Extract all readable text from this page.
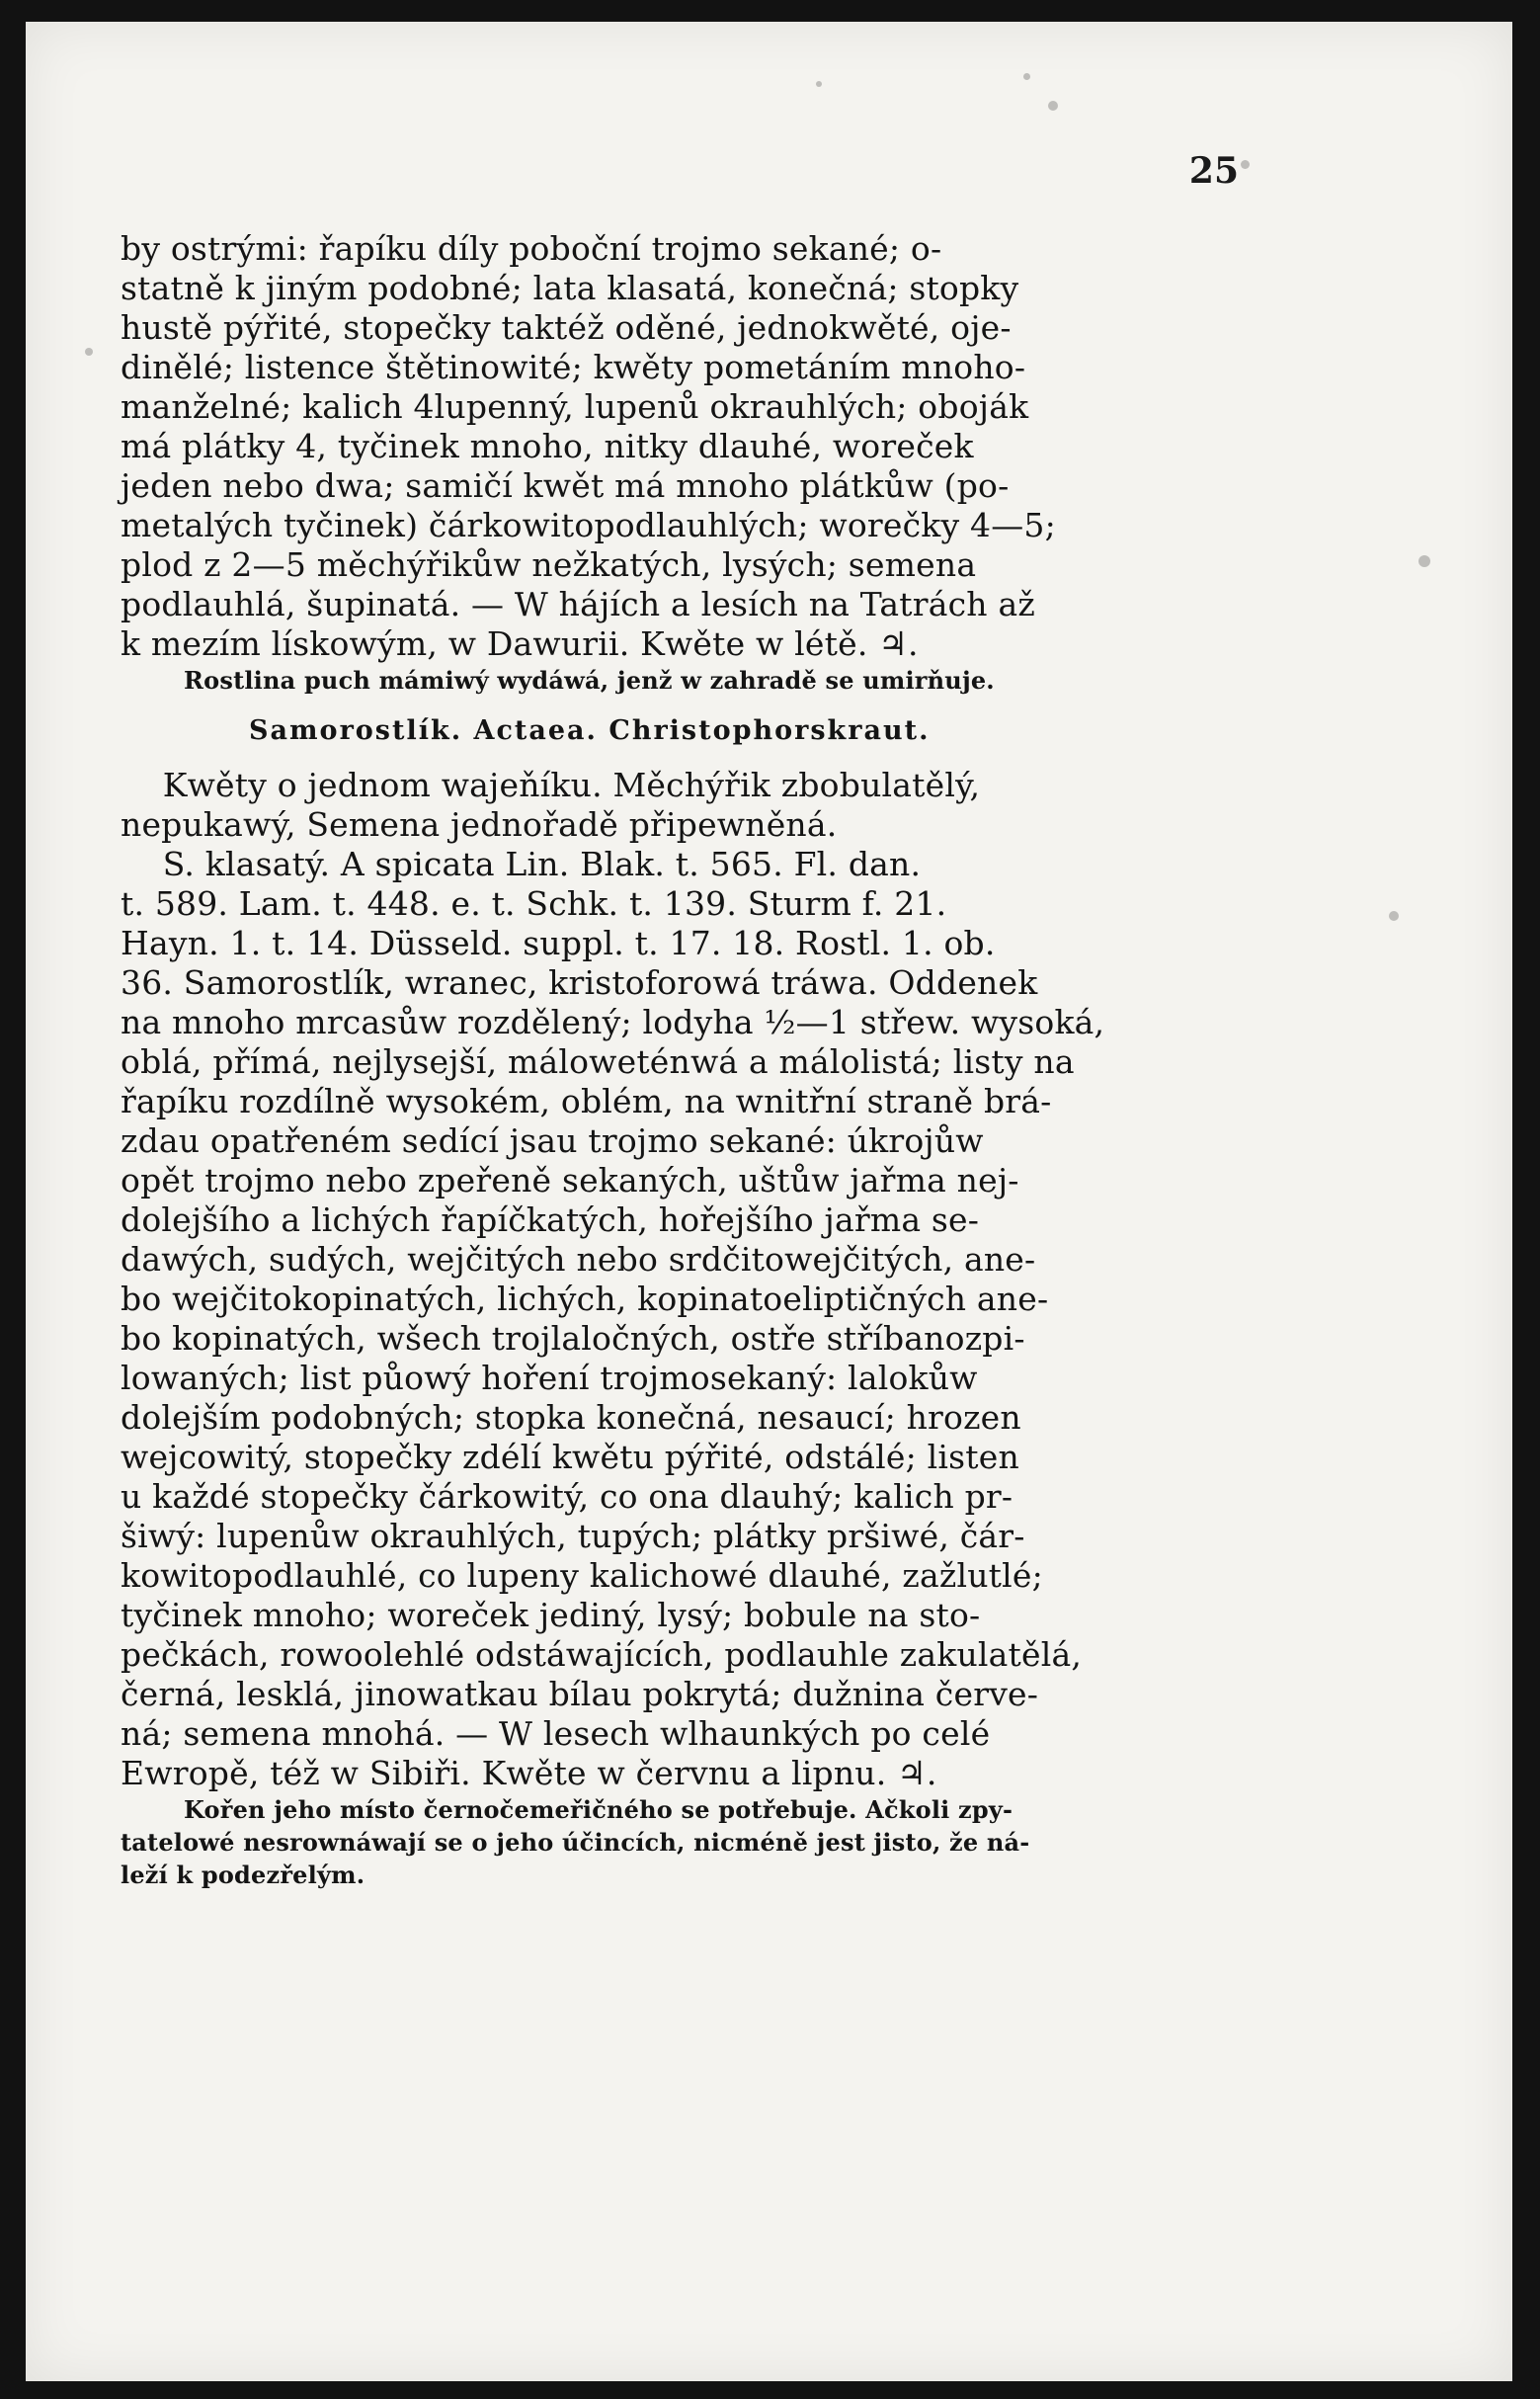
25
by ostrými: řapíku díly poboční trojmo sekané; o-
statně k jiným podobné; lata klasatá, konečná; stopky
hustě pýřité, stopečky taktéž oděné, jednokwěté, oje-
dinělé; listence štětinowité; kwěty pometáním mnoho-
manželné; kalich 4lupenný, lupenů okrauhlých; oboják
má plátky 4, tyčinek mnoho, nitky dlauhé, woreček
jeden nebo dwa; samičí kwět má mnoho plátkůw (po-
metalých tyčinek) čárkowitopodlauhlých; worečky 4—5;
plod z 2—5 měchýřikůw nežkatých, lysých; semena
podlauhlá, šupinatá. — W hájích a lesích na Tatrách až
k mezím lískowým, w Dawurii. Kwěte w létě. ♃.
Rostlina puch mámiwý wydáwá, jenž w zahradě se umirňuje.
Samorostlík. Actaea. Christophorskraut.
Kwěty o jednom wajeňíku. Měchýřik zbobulatělý,
nepukawý, Semena jednořadě připewněná.
S. klasatý. A spicata Lin. Blak. t. 565. Fl. dan.
t. 589. Lam. t. 448. e. t. Schk. t. 139. Sturm f. 21.
Hayn. 1. t. 14. Düsseld. suppl. t. 17. 18. Rostl. 1. ob.
36. Samorostlík, wranec, kristoforowá tráwa. Oddenek
na mnoho mrcasůw rozdělený; lodyha ½—1 střew. wysoká,
oblá, přímá, nejlysejší, máloweténwá a málolistá; listy na
řapíku rozdílně wysokém, oblém, na wnitřní straně brá-
zdau opatřeném sedící jsau trojmo sekané: úkrojůw
opět trojmo nebo zpeřeně sekaných, uštůw jařma nej-
dolejšího a lichých řapíčkatých, hořejšího jařma se-
dawých, sudých, wejčitých nebo srdčitowejčitých, ane-
bo wejčitokopinatých, lichých, kopinatoeliptičných ane-
bo kopinatých, wšech trojlaločných, ostře stříbanozpi-
lowaných; list půowý hoření trojmosekaný: lalokůw
dolejším podobných; stopka konečná, nesaucí; hrozen
wejcowitý, stopečky zdélí kwětu pýřité, odstálé; listen
u každé stopečky čárkowitý, co ona dlauhý; kalich pr-
šiwý: lupenůw okrauhlých, tupých; plátky pršiwé, čár-
kowitopodlauhlé, co lupeny kalichowé dlauhé, zažlutlé;
tyčinek mnoho; woreček jediný, lysý; bobule na sto-
pečkách, rowoolehlé odstáwajících, podlauhle zakulatělá,
černá, lesklá, jinowatkau bílau pokrytá; dužnina červe-
ná; semena mnohá. — W lesech wlhaunkých po celé
Ewropě, též w Sibiři. Kwěte w červnu a lipnu. ♃.
Kořen jeho místo černočemeřičného se potřebuje. Ačkoli zpy-
tatelowé nesrownáwají se o jeho účincích, nicméně jest jisto, že ná-
leží k podezřelým.
